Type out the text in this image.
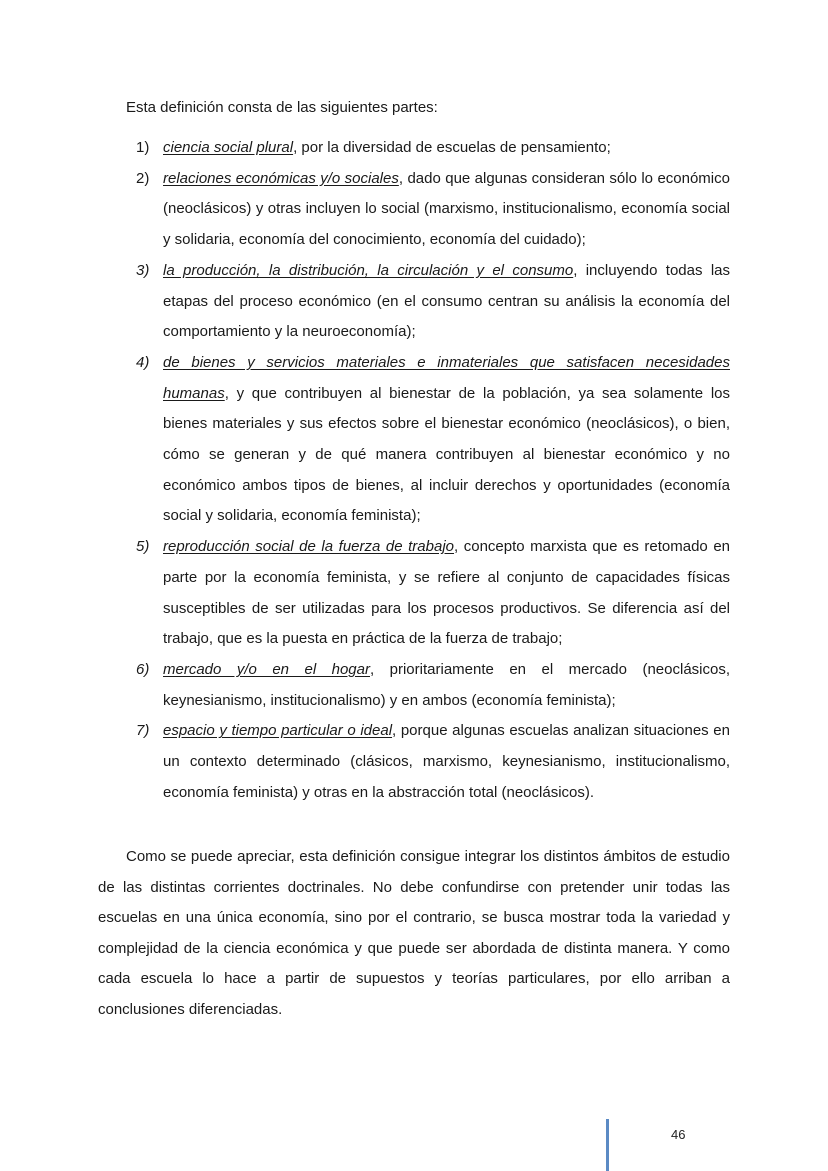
Esta definición consta de las siguientes partes:

1) ciencia social plural, por la diversidad de escuelas de pensamiento;
2) relaciones económicas y/o sociales, dado que algunas consideran sólo lo económico (neoclásicos) y otras incluyen lo social (marxismo, institucionalismo, economía social y solidaria, economía del conocimiento, economía del cuidado);
3) la producción, la distribución, la circulación y el consumo, incluyendo todas las etapas del proceso económico (en el consumo centran su análisis la economía del comportamiento y la neuroeconomía);
4) de bienes y servicios materiales e inmateriales que satisfacen necesidades humanas, y que contribuyen al bienestar de la población, ya sea solamente los bienes materiales y sus efectos sobre el bienestar económico (neoclásicos), o bien, cómo se generan y de qué manera contribuyen al bienestar económico y no económico ambos tipos de bienes, al incluir derechos y oportunidades (economía social y solidaria, economía feminista);
5) reproducción social de la fuerza de trabajo, concepto marxista que es retomado en parte por la economía feminista, y se refiere al conjunto de capacidades físicas susceptibles de ser utilizadas para los procesos productivos. Se diferencia así del trabajo, que es la puesta en práctica de la fuerza de trabajo;
6) mercado y/o en el hogar, prioritariamente en el mercado (neoclásicos, keynesianismo, institucionalismo) y en ambos (economía feminista);
7) espacio y tiempo particular o ideal, porque algunas escuelas analizan situaciones en un contexto determinado (clásicos, marxismo, keynesianismo, institucionalismo, economía feminista) y otras en la abstracción total (neoclásicos).

Como se puede apreciar, esta definición consigue integrar los distintos ámbitos de estudio de las distintas corrientes doctrinales. No debe confundirse con pretender unir todas las escuelas en una única economía, sino por el contrario, se busca mostrar toda la variedad y complejidad de la ciencia económica y que puede ser abordada de distinta manera. Y como cada escuela lo hace a partir de supuestos y teorías particulares, por ello arriban a conclusiones diferenciadas.

46
